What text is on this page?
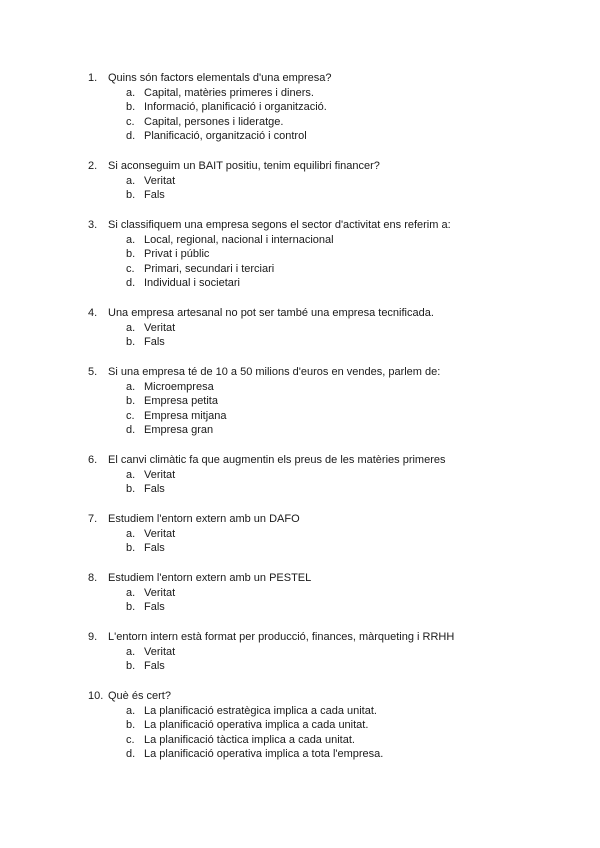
1. Quins són factors elementals d'una empresa?
a. Capital, matèries primeres i diners.
b. Informació, planificació i organització.
c. Capital, persones i lideratge.
d. Planificació, organització i control
2. Si aconseguim un BAIT positiu, tenim equilibri financer?
a. Veritat
b. Fals
3. Si classifiquem una empresa segons el sector d'activitat ens referim a:
a. Local, regional, nacional i internacional
b. Privat i públic
c. Primari, secundari i terciari
d. Individual i societari
4. Una empresa artesanal no pot ser també una empresa tecnificada.
a. Veritat
b. Fals
5. Si una empresa té de 10 a 50 milions d'euros en vendes, parlem de:
a. Microempresa
b. Empresa petita
c. Empresa mitjana
d. Empresa gran
6. El canvi climàtic fa que augmentin els preus de les matèries primeres
a. Veritat
b. Fals
7. Estudiem l'entorn extern amb un DAFO
a. Veritat
b. Fals
8. Estudiem l'entorn extern amb un PESTEL
a. Veritat
b. Fals
9. L'entorn intern està format per producció, finances, màrqueting i RRHH
a. Veritat
b. Fals
10. Què és cert?
a. La planificació estratègica implica a cada unitat.
b. La planificació operativa implica a cada unitat.
c. La planificació tàctica implica a cada unitat.
d. La planificació operativa implica a tota l'empresa.
